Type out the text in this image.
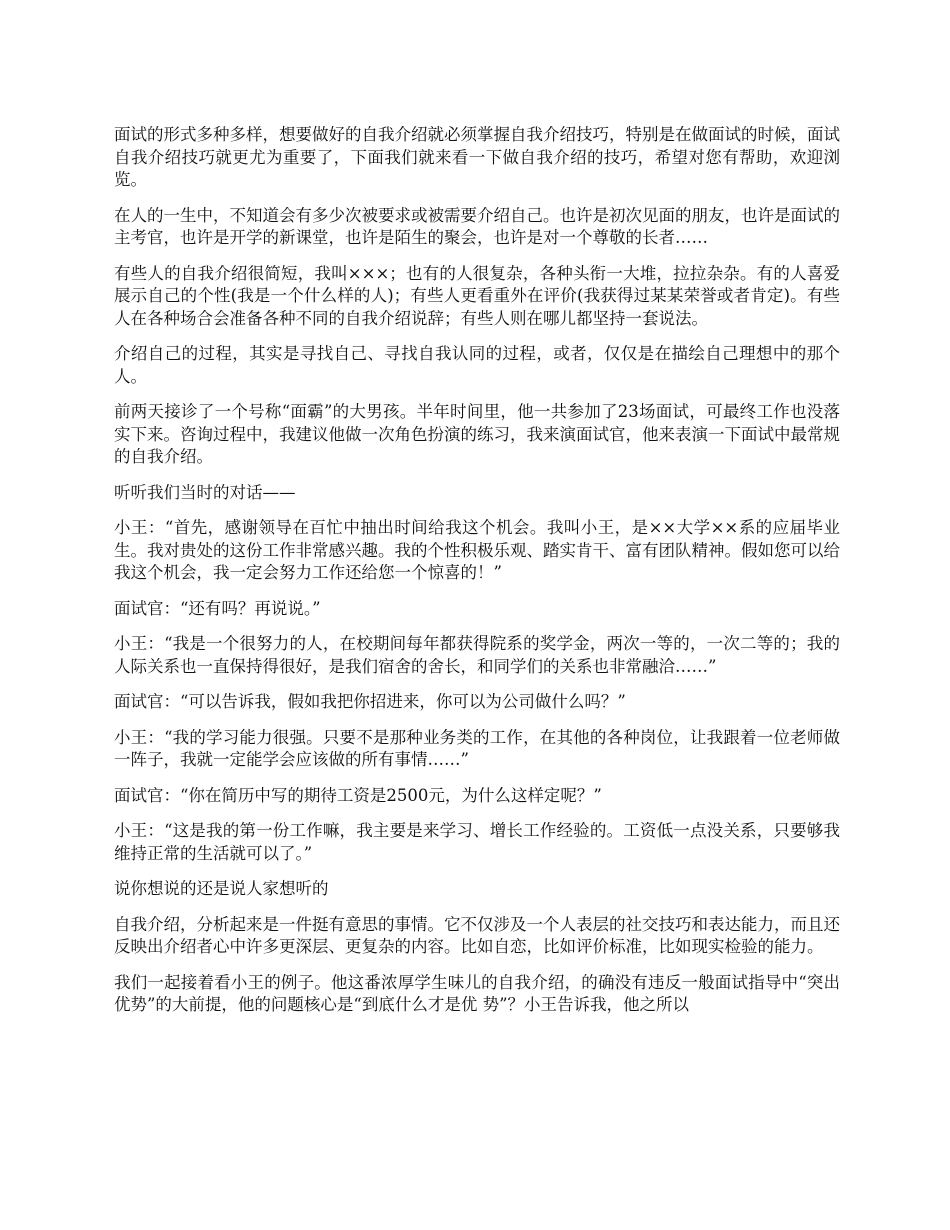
面试的形式多种多样，想要做好的自我介绍就必须掌握自我介绍技巧，特别是在做面试的时候，面试自我介绍技巧就更尤为重要了，下面我们就来看一下做自我介绍的技巧，希望对您有帮助，欢迎浏览。

在人的一生中，不知道会有多少次被要求或被需要介绍自己。也许是初次见面的朋友，也许是面试的主考官，也许是开学的新课堂，也许是陌生的聚会，也许是对一个尊敬的长者……

有些人的自我介绍很简短，我叫×××；也有的人很复杂，各种头衔一大堆，拉拉杂杂。有的人喜爱展示自己的个性(我是一个什么样的人)；有些人更看重外在评价(我获得过某某荣誉或者肯定)。有些人在各种场合会准备各种不同的自我介绍说辞；有些人则在哪儿都坚持一套说法。

介绍自己的过程，其实是寻找自己、寻找自我认同的过程，或者，仅仅是在描绘自己理想中的那个人。

前两天接诊了一个号称“面霸”的大男孩。半年时间里，他一共参加了23场面试，可最终工作也没落实下来。咨询过程中，我建议他做一次角色扮演的练习，我来演面试官，他来表演一下面试中最常规的自我介绍。

听听我们当时的对话——

小王：“首先，感谢领导在百忙中抽出时间给我这个机会。我叫小王，是××大学××系的应届毕业生。我对贵处的这份工作非常感兴趣。我的个性积极乐观、踏实肯干、富有团队精神。假如您可以给我这个机会，我一定会努力工作还给您一个惊喜的！”

面试官：“还有吗？再说说。”

小王：“我是一个很努力的人，在校期间每年都获得院系的奖学金，两次一等的，一次二等的；我的人际关系也一直保持得很好，是我们宿舍的舍长，和同学们的关系也非常融洽……”

面试官：“可以告诉我，假如我把你招进来，你可以为公司做什么吗？”

小王：“我的学习能力很强。只要不是那种业务类的工作，在其他的各种岗位，让我跟着一位老师做一阵子，我就一定能学会应该做的所有事情……”

面试官：“你在简历中写的期待工资是2500元，为什么这样定呢？”

小王：“这是我的第一份工作嘛，我主要是来学习、增长工作经验的。工资低一点没关系，只要够我维持正常的生活就可以了。”

说你想说的还是说人家想听的

自我介绍，分析起来是一件挺有意思的事情。它不仅涉及一个人表层的社交技巧和表达能力，而且还反映出介绍者心中许多更深层、更复杂的内容。比如自恋，比如评价标准，比如现实检验的能力。

我们一起接着看小王的例子。他这番浓厚学生味儿的自我介绍，的确没有违反一般面试指导中“突出优势”的大前提，他的问题核心是“到底什么才是优 势”？小王告诉我，他之所以
